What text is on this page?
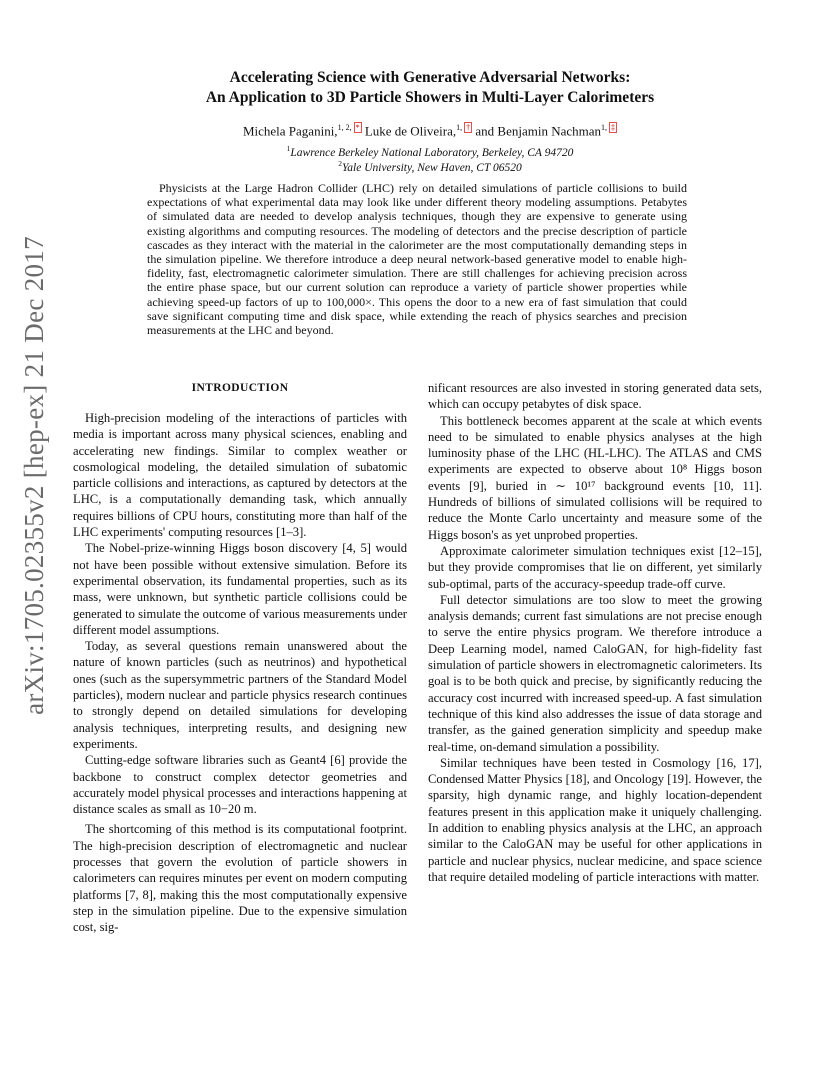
arXiv:1705.02355v2 [hep-ex] 21 Dec 2017
Accelerating Science with Generative Adversarial Networks:
An Application to 3D Particle Showers in Multi-Layer Calorimeters
Michela Paganini,$^{1, 2, *}$ Luke de Oliveira,$^{1, \dagger}$ and Benjamin Nachman$^{1, \ddagger}$
$^1$Lawrence Berkeley National Laboratory, Berkeley, CA 94720
$^2$Yale University, New Haven, CT 06520
Physicists at the Large Hadron Collider (LHC) rely on detailed simulations of particle collisions to build expectations of what experimental data may look like under different theory modeling assumptions. Petabytes of simulated data are needed to develop analysis techniques, though they are expensive to generate using existing algorithms and computing resources. The modeling of detectors and the precise description of particle cascades as they interact with the material in the calorimeter are the most computationally demanding steps in the simulation pipeline. We therefore introduce a deep neural network-based generative model to enable high-fidelity, fast, electromagnetic calorimeter simulation. There are still challenges for achieving precision across the entire phase space, but our current solution can reproduce a variety of particle shower properties while achieving speed-up factors of up to 100,000×. This opens the door to a new era of fast simulation that could save significant computing time and disk space, while extending the reach of physics searches and precision measurements at the LHC and beyond.
INTRODUCTION

High-precision modeling of the interactions of particles with media is important across many physical sciences, enabling and accelerating new findings. Similar to complex weather or cosmological modeling, the detailed simulation of subatomic particle collisions and interactions, as captured by detectors at the LHC, is a computationally demanding task, which annually requires billions of CPU hours, constituting more than half of the LHC experiments' computing resources [1–3].

The Nobel-prize-winning Higgs boson discovery [4, 5] would not have been possible without extensive simulation. Before its experimental observation, its fundamental properties, such as its mass, were unknown, but synthetic particle collisions could be generated to simulate the outcome of various measurements under different model assumptions.

Today, as several questions remain unanswered about the nature of known particles (such as neutrinos) and hypothetical ones (such as the supersymmetric partners of the Standard Model particles), modern nuclear and particle physics research continues to strongly depend on detailed simulations for developing analysis techniques, interpreting results, and designing new experiments.

Cutting-edge software libraries such as Geant4 [6] provide the backbone to construct complex detector geometries and accurately model physical processes and interactions happening at distance scales as small as 10−20 m.

The shortcoming of this method is its computational footprint. The high-precision description of electromagnetic and nuclear processes that govern the evolution of particle showers in calorimeters can requires minutes per event on modern computing platforms [7, 8], making this the most computationally expensive step in the simulation pipeline. Due to the expensive simulation cost, sig-

nificant resources are also invested in storing generated data sets, which can occupy petabytes of disk space.

This bottleneck becomes apparent at the scale at which events need to be simulated to enable physics analyses at the high luminosity phase of the LHC (HL-LHC). The ATLAS and CMS experiments are expected to observe about 10⁸ Higgs boson events [9], buried in ∼ 10¹⁷ background events [10, 11]. Hundreds of billions of simulated collisions will be required to reduce the Monte Carlo uncertainty and measure some of the Higgs boson's as yet unprobed properties.

Approximate calorimeter simulation techniques exist [12–15], but they provide compromises that lie on different, yet similarly sub-optimal, parts of the accuracy-speedup trade-off curve.

Full detector simulations are too slow to meet the growing analysis demands; current fast simulations are not precise enough to serve the entire physics program. We therefore introduce a Deep Learning model, named CaloGAN, for high-fidelity fast simulation of particle showers in electromagnetic calorimeters. Its goal is to be both quick and precise, by significantly reducing the accuracy cost incurred with increased speed-up. A fast simulation technique of this kind also addresses the issue of data storage and transfer, as the gained generation simplicity and speedup make real-time, on-demand simulation a possibility.

Similar techniques have been tested in Cosmology [16, 17], Condensed Matter Physics [18], and Oncology [19]. However, the sparsity, high dynamic range, and highly location-dependent features present in this application make it uniquely challenging. In addition to enabling physics analysis at the LHC, an approach similar to the CaloGAN may be useful for other applications in particle and nuclear physics, nuclear medicine, and space science that require detailed modeling of particle interactions with matter.
